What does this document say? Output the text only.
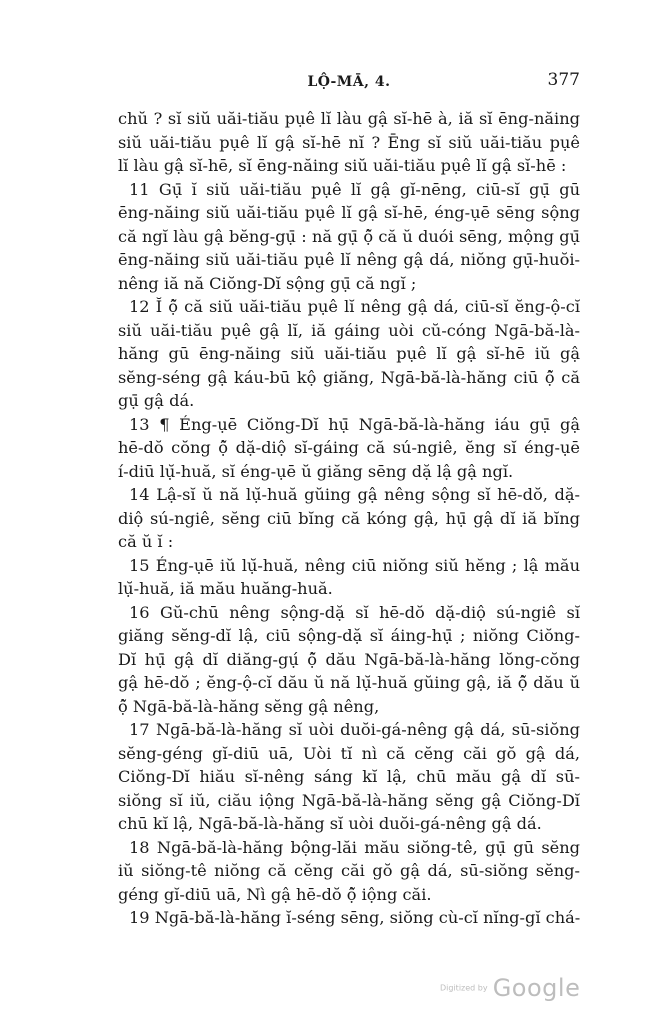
LỘ-MĀ, 4.	377
chŭ ? sĭ siŭ uăi-tiău pụê lĭ làu gậ sĭ-hē à, iă sĭ ēng-năing
siŭ uăi-tiău pụê lĭ gậ sĭ-hē nĭ ? Ēng sĭ siŭ uăi-tiău pụê
lĭ làu gậ sĭ-hē, sĭ ēng-năing siŭ uăi-tiău pụê lĭ gậ sĭ-hē :
11 Gụ̄ ĭ siŭ uăi-tiău pụê lĭ gậ gĭ-nēng, ciū-sĭ gụ̄ gū
ēng-năing siŭ uăi-tiău pụê lĭ gậ sĭ-hē, éng-ụē sēng sộng
că ngĭ làu gậ bĕng-gụ̄ : nă gụ̄ ộ̆ că ŭ duói sēng, mộng gụ̄
ēng-năing siŭ uăi-tiău pụê lĭ nêng gậ dá, niŏng gụ̄-huŏi-
nêng iă nă Ciŏng-Dĭ sộng gụ̄ că ngĭ ;
12 Ĭ ộ̆ că siŭ uăi-tiău pụê lĭ nêng gậ dá, ciū-sĭ ĕng-ộ-cĭ
siŭ uăi-tiău pụê gậ lĭ, iă gáing uòi cŭ-cóng Ngā-bă-là-
hăng gū ēng-năing siŭ uăi-tiău pụê lĭ gậ sĭ-hē iŭ gậ
sĕng-séng gậ káu-bū kộ giăng, Ngā-bă-là-hăng ciū ộ̆ că
gụ̄ gậ dá.
13 ¶ Éng-ụē Ciŏng-Dĭ hụ̄ Ngā-bă-là-hăng iáu gụ̄ gậ
hē-dŏ cŏng ộ̆ dặ-diộ sĭ-gáing că sú-ngiê, ĕng sĭ éng-ụē
í-diū lụ̆-huă, sĭ éng-ụē ŭ giăng sēng dặ lậ gậ ngĭ.
14 Lậ-sĭ ŭ nă lụ̆-huă gŭing gậ nêng sộng sĭ hē-dŏ, dặ-
diộ sú-ngiê, sĕng ciū bĭng că kóng gậ, hụ̄ gậ dĭ iă bĭng
că ŭ ĭ :
15 Éng-ụē iŭ lụ̆-huă, nêng ciū niŏng siŭ hĕng ; lậ mău
lụ̆-huă, iă mău huăng-huă.
16 Gŭ-chū nêng sộng-dặ sĭ hē-dŏ dặ-diộ sú-ngiê sĭ
giăng sĕng-dĭ lậ, ciū sộng-dặ sĭ áing-hụ̄ ; niŏng Ciŏng-
Dĭ hụ̄ gậ dĭ diăng-gụ́ ộ̆ dău Ngā-bă-là-hăng lŏng-cŏng
gậ hē-dŏ ; ĕng-ộ-cĭ dău ŭ nă lụ̆-huă gŭing gậ, iă ộ̆ dău ŭ
ộ̆ Ngā-bă-là-hăng sĕng gậ nêng,
17 Ngā-bă-là-hăng sĭ uòi duŏi-gá-nêng gậ dá, sū-siŏng
sĕng-géng gĭ-diū uā, Uòi tĭ nì că cĕng căi gŏ gậ dá,
Ciŏng-Dĭ hiău sĭ-nêng sáng kĭ lậ, chū mău gậ dĭ sū-
siŏng sĭ iŭ, ciău iộng Ngā-bă-là-hăng sĕng gậ Ciŏng-Dĭ
chū kĭ lậ, Ngā-bă-là-hăng sĭ uòi duŏi-gá-nêng gậ dá.
18 Ngā-bă-là-hăng bộng-lăi mău siŏng-tê, gụ̄ gū sĕng
iŭ siŏng-tê niŏng că cĕng căi gŏ gậ dá, sū-siŏng sĕng-
géng gĭ-diū uā, Nì gậ hē-dŏ ộ̆ iộng căi.
19 Ngā-bă-là-hăng ĭ-séng sēng, siŏng cù-cĭ nĭng-gĭ chá-
Digitized by Google
